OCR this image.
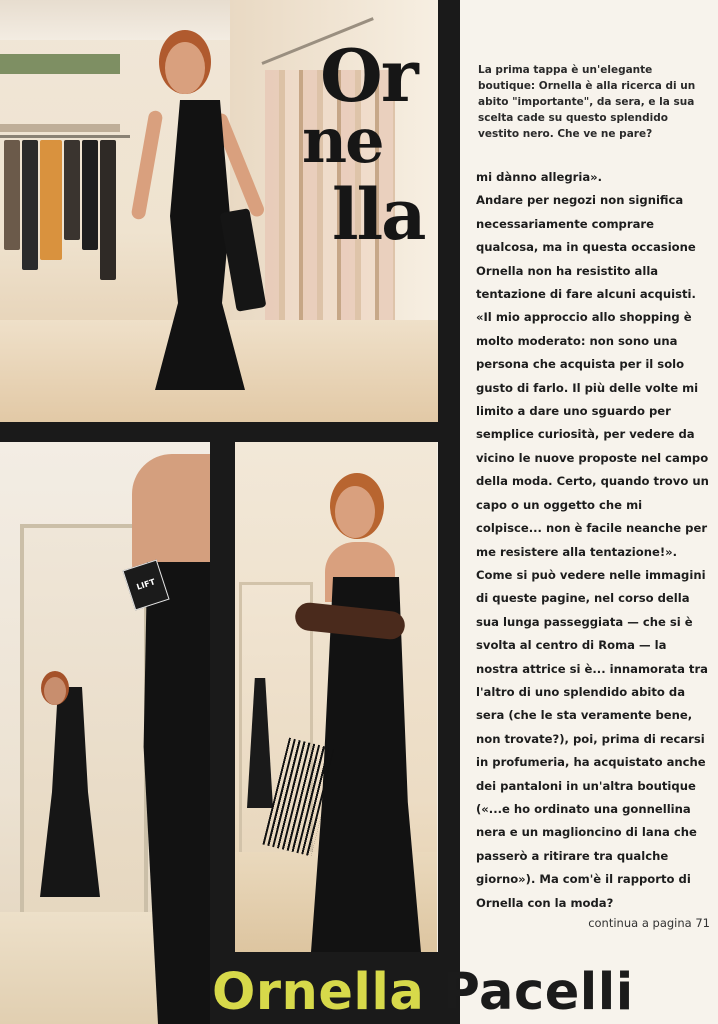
Or
ne
lla
LIFT
La prima tappa è un'elegante boutique: Ornella è alla ricerca di un abito "importante", da sera, e la sua scelta cade su questo splendido vestito nero. Che ve ne pare?

mi dànno allegria».

Andare per negozi non significa necessariamente comprare qualcosa, ma in questa occasione Ornella non ha resistito alla tentazione di fare alcuni acquisti.

«Il mio approccio allo shopping è molto moderato: non sono una persona che acquista per il solo gusto di farlo. Il più delle volte mi limito a dare uno sguardo per semplice curiosità, per vedere da vicino le nuove proposte nel campo della moda. Certo, quando trovo un capo o un oggetto che mi colpisce... non è facile neanche per me resistere alla tentazione!».

Come si può vedere nelle immagini di queste pagine, nel corso della sua lunga passeggiata — che si è svolta al centro di Roma — la nostra attrice si è... innamorata tra l'altro di uno splendido abito da sera (che le sta veramente bene, non trovate?), poi, prima di recarsi in profumeria, ha acquistato anche dei pantaloni in un'altra boutique («...e ho ordinato una gonnellina nera e un maglioncino di lana che passerò a ritirare tra qualche giorno»). Ma com'è il rapporto di Ornella con la moda?

continua a pagina 71
Ornella Pacelli
